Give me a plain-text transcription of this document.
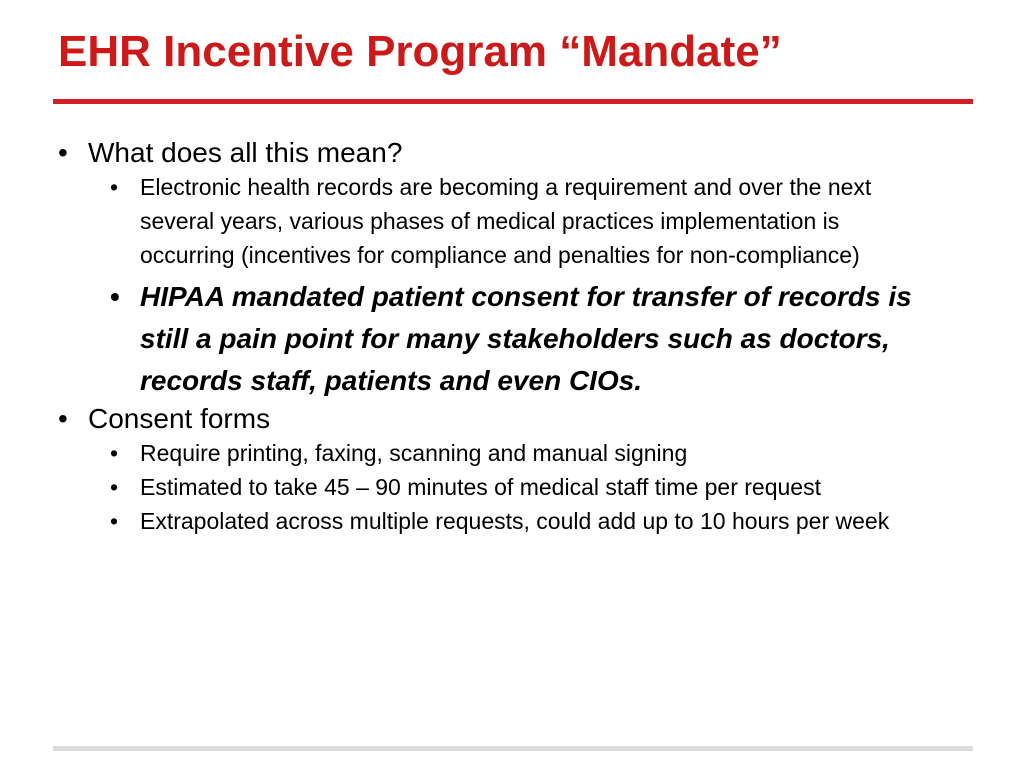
EHR Incentive Program “Mandate”
• What does all this mean?
• Electronic health records are becoming a requirement and over the next several years, various phases of medical practices implementation is occurring (incentives for compliance and penalties for non-compliance)
• HIPAA mandated patient consent for transfer of records is still a pain point for many stakeholders such as doctors, records staff, patients and even CIOs.
• Consent forms
• Require printing, faxing, scanning and manual signing
• Estimated to take 45 – 90 minutes of medical staff time per request
• Extrapolated across multiple requests, could add up to 10 hours per week
